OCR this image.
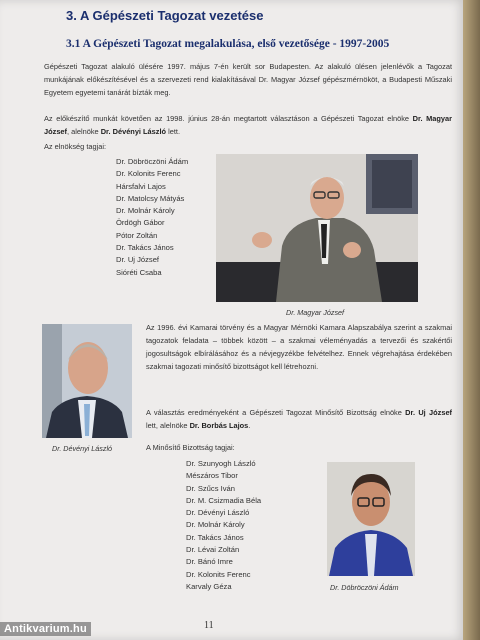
3. A Gépészeti Tagozat vezetése
3.1 A Gépészeti Tagozat megalakulása, első vezetősége - 1997-2005
Gépészeti Tagozat alakuló ülésére 1997. május 7-én került sor Budapesten. Az alakuló ülésen jelenlévők a Tagozat munkájának előkészítésével és a szervezeti rend kialakításával Dr. Magyar József gépészmérnököt, a Budapesti Műszaki Egyetem egyetemi tanárát bízták meg.
Az előkészítő munkát követően az 1998. június 28-án megtartott választáson a Gépészeti Tagozat elnöke Dr. Magyar József, alelnöke Dr. Dévényi László lett.
Az elnökség tagjai:
Dr. Döbröczöni Ádám
Dr. Kolonits Ferenc
Hársfalvi Lajos
Dr. Matolcsy Mátyás
Dr. Molnár Károly
Ördögh Gábor
Pótor Zoltán
Dr. Takács János
Dr. Uj József
Sióréti Csaba
Dr. Magyar József
Dr. Dévényi László
Az 1996. évi Kamarai törvény és a Magyar Mérnöki Kamara Alapszabálya szerint a szakmai tagozatok feladata – többek között – a szakmai véleményadás a tervezői és szakértői jogosultságok elbírálásához és a névjegyzékbe felvételhez. Ennek végrehajtása érdekében szakmai tagozati minősítő bizottságot kell létrehozni.
A választás eredményeként a Gépészeti Tagozat Minősítő Bizottság elnöke Dr. Uj József lett, alelnöke Dr. Borbás Lajos.
A Minősítő Bizottság tagjai:
Dr. Szunyogh László
Mészáros Tibor
Dr. Szűcs Iván
Dr. M. Csizmadia Béla
Dr. Dévényi László
Dr. Molnár Károly
Dr. Takács János
Dr. Lévai Zoltán
Dr. Bánó Imre
Dr. Kolonits Ferenc
Karvaly Géza	Dr. Döbröczöni Ádám
11
Antikvarium.hu
